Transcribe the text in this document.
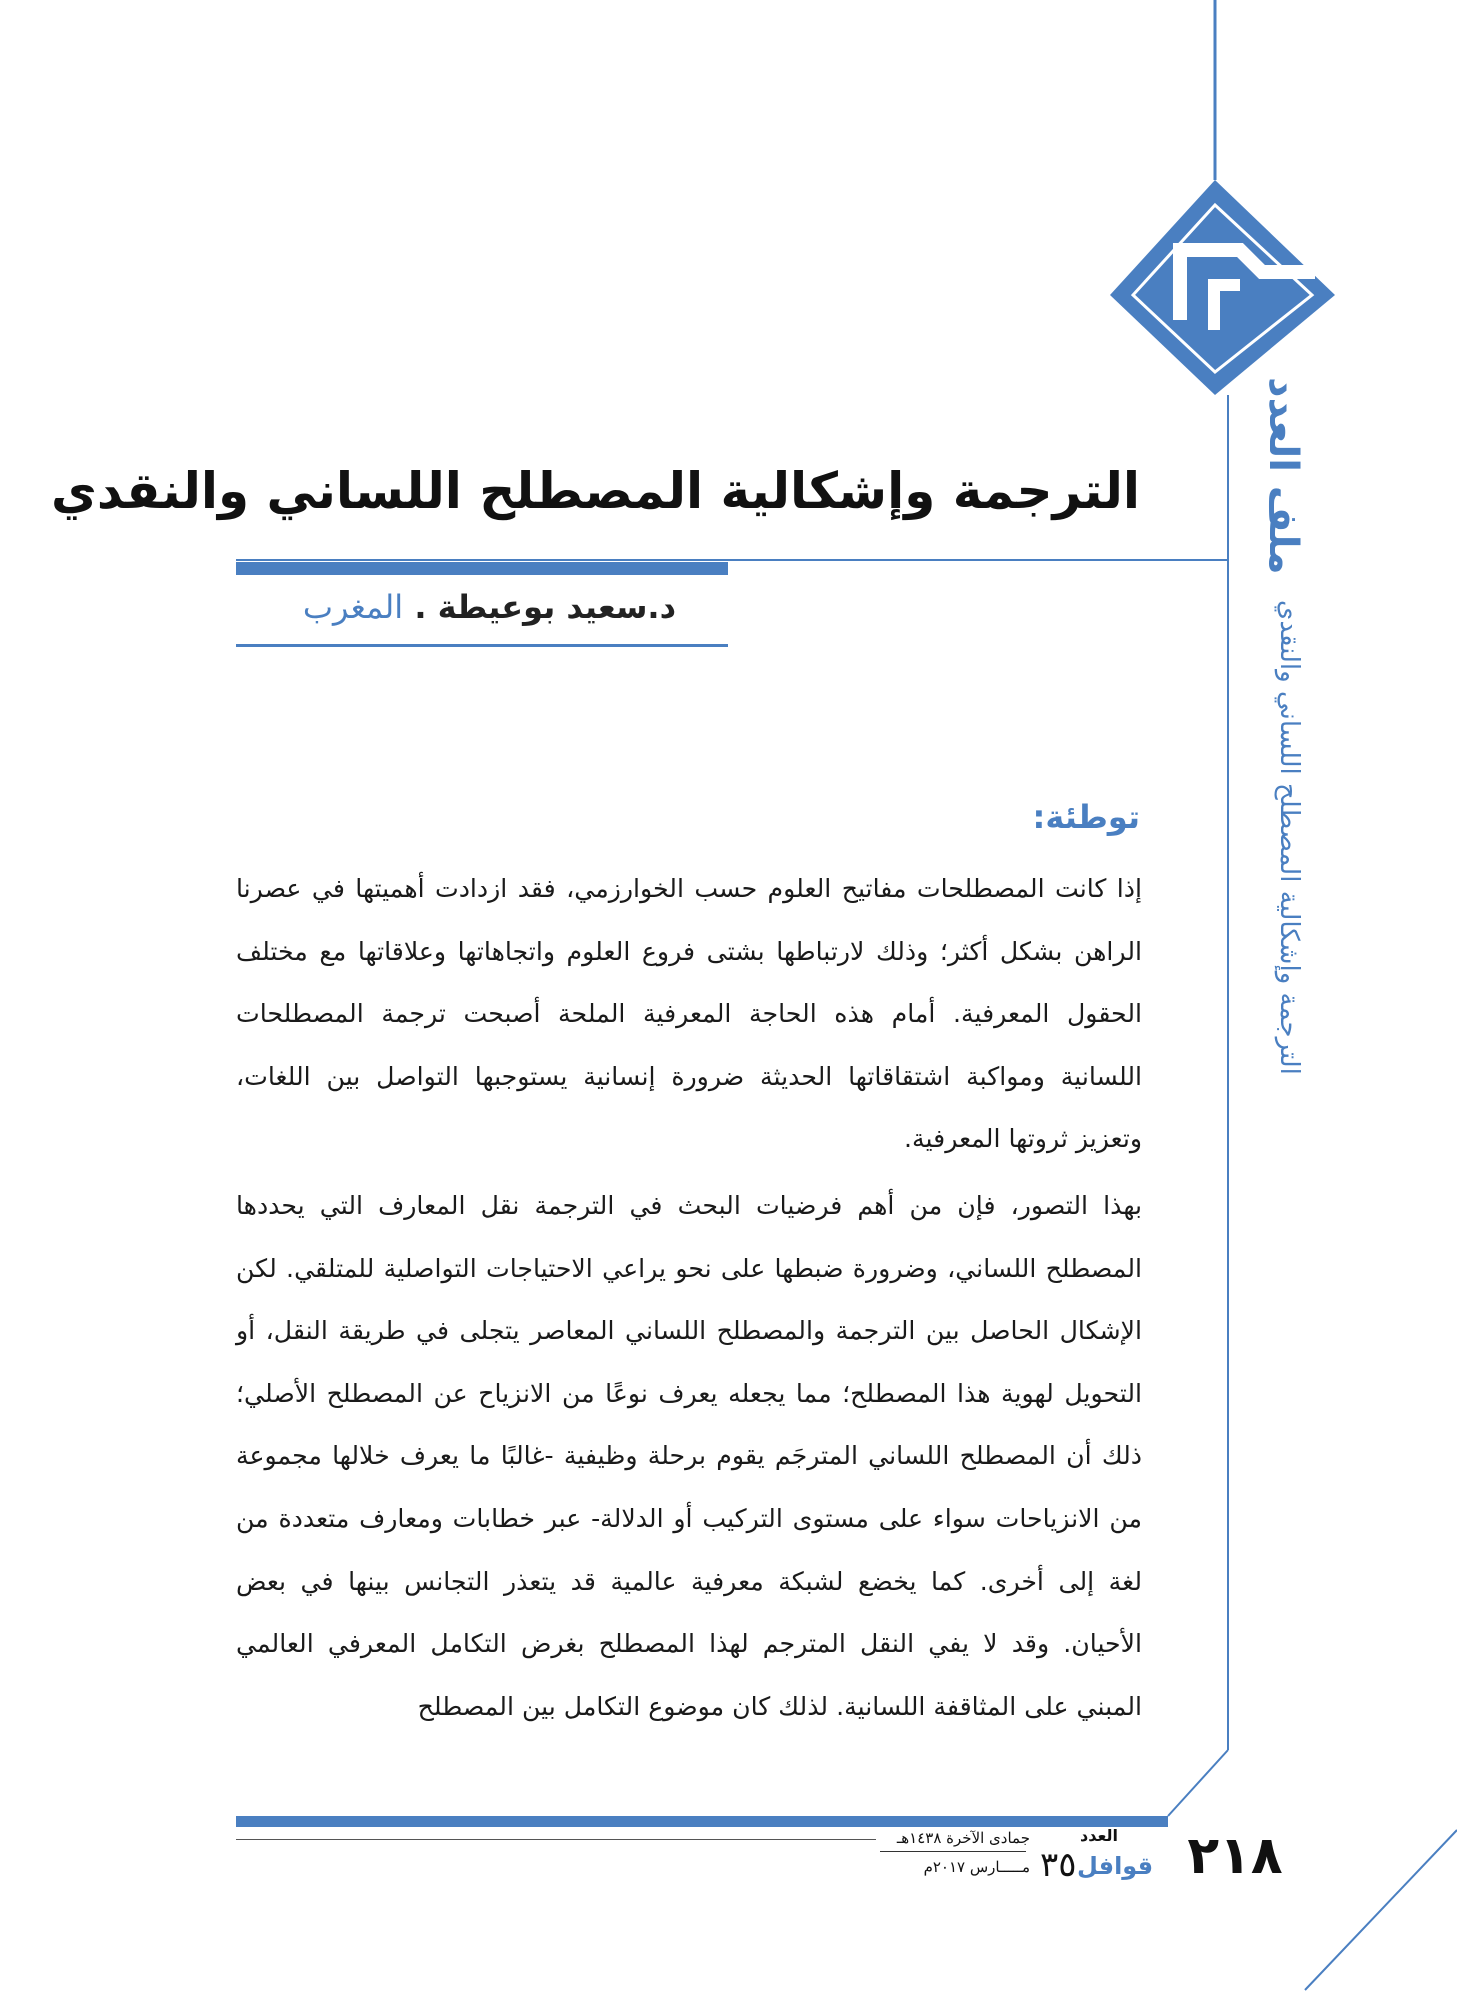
ملف العدد
الترجمة وإشكالية المصطلح اللساني والنقدي
الترجمة وإشكالية المصطلح اللساني والنقدي
د.سعيد بوعيطة . المغرب
توطئة:

إذا كانت المصطلحات مفاتيح العلوم حسب الخوارزمي، فقد ازدادت أهميتها في عصرنا الراهن بشكل أكثر؛ وذلك لارتباطها بشتى فروع العلوم واتجاهاتها وعلاقاتها مع مختلف الحقول المعرفية. أمام هذه الحاجة المعرفية الملحة أصبحت ترجمة المصطلحات اللسانية ومواكبة اشتقاقاتها الحديثة ضرورة إنسانية يستوجبها التواصل بين اللغات، وتعزيز ثروتها المعرفية.

بهذا التصور، فإن من أهم فرضيات البحث في الترجمة نقل المعارف التي يحددها المصطلح اللساني، وضرورة ضبطها على نحو يراعي الاحتياجات التواصلية للمتلقي. لكن الإشكال الحاصل بين الترجمة والمصطلح اللساني المعاصر يتجلى في طريقة النقل، أو التحويل لهوية هذا المصطلح؛ مما يجعله يعرف نوعًا من الانزياح عن المصطلح الأصلي؛ ذلك أن المصطلح اللساني المترجَم يقوم برحلة وظيفية -غالبًا ما يعرف خلالها مجموعة من الانزياحات سواء على مستوى التركيب أو الدلالة- عبر خطابات ومعارف متعددة من لغة إلى أخرى. كما يخضع لشبكة معرفية عالمية قد يتعذر التجانس بينها في بعض الأحيان. وقد لا يفي النقل المترجم لهذا المصطلح بغرض التكامل المعرفي العالمي المبني على المثاقفة اللسانية. لذلك كان موضوع التكامل بين المصطلح

٢١٨
العدد
٣٥ قوافل
جمادى الآخرة ١٤٣٨هـ
مـــــارس ٢٠١٧م
